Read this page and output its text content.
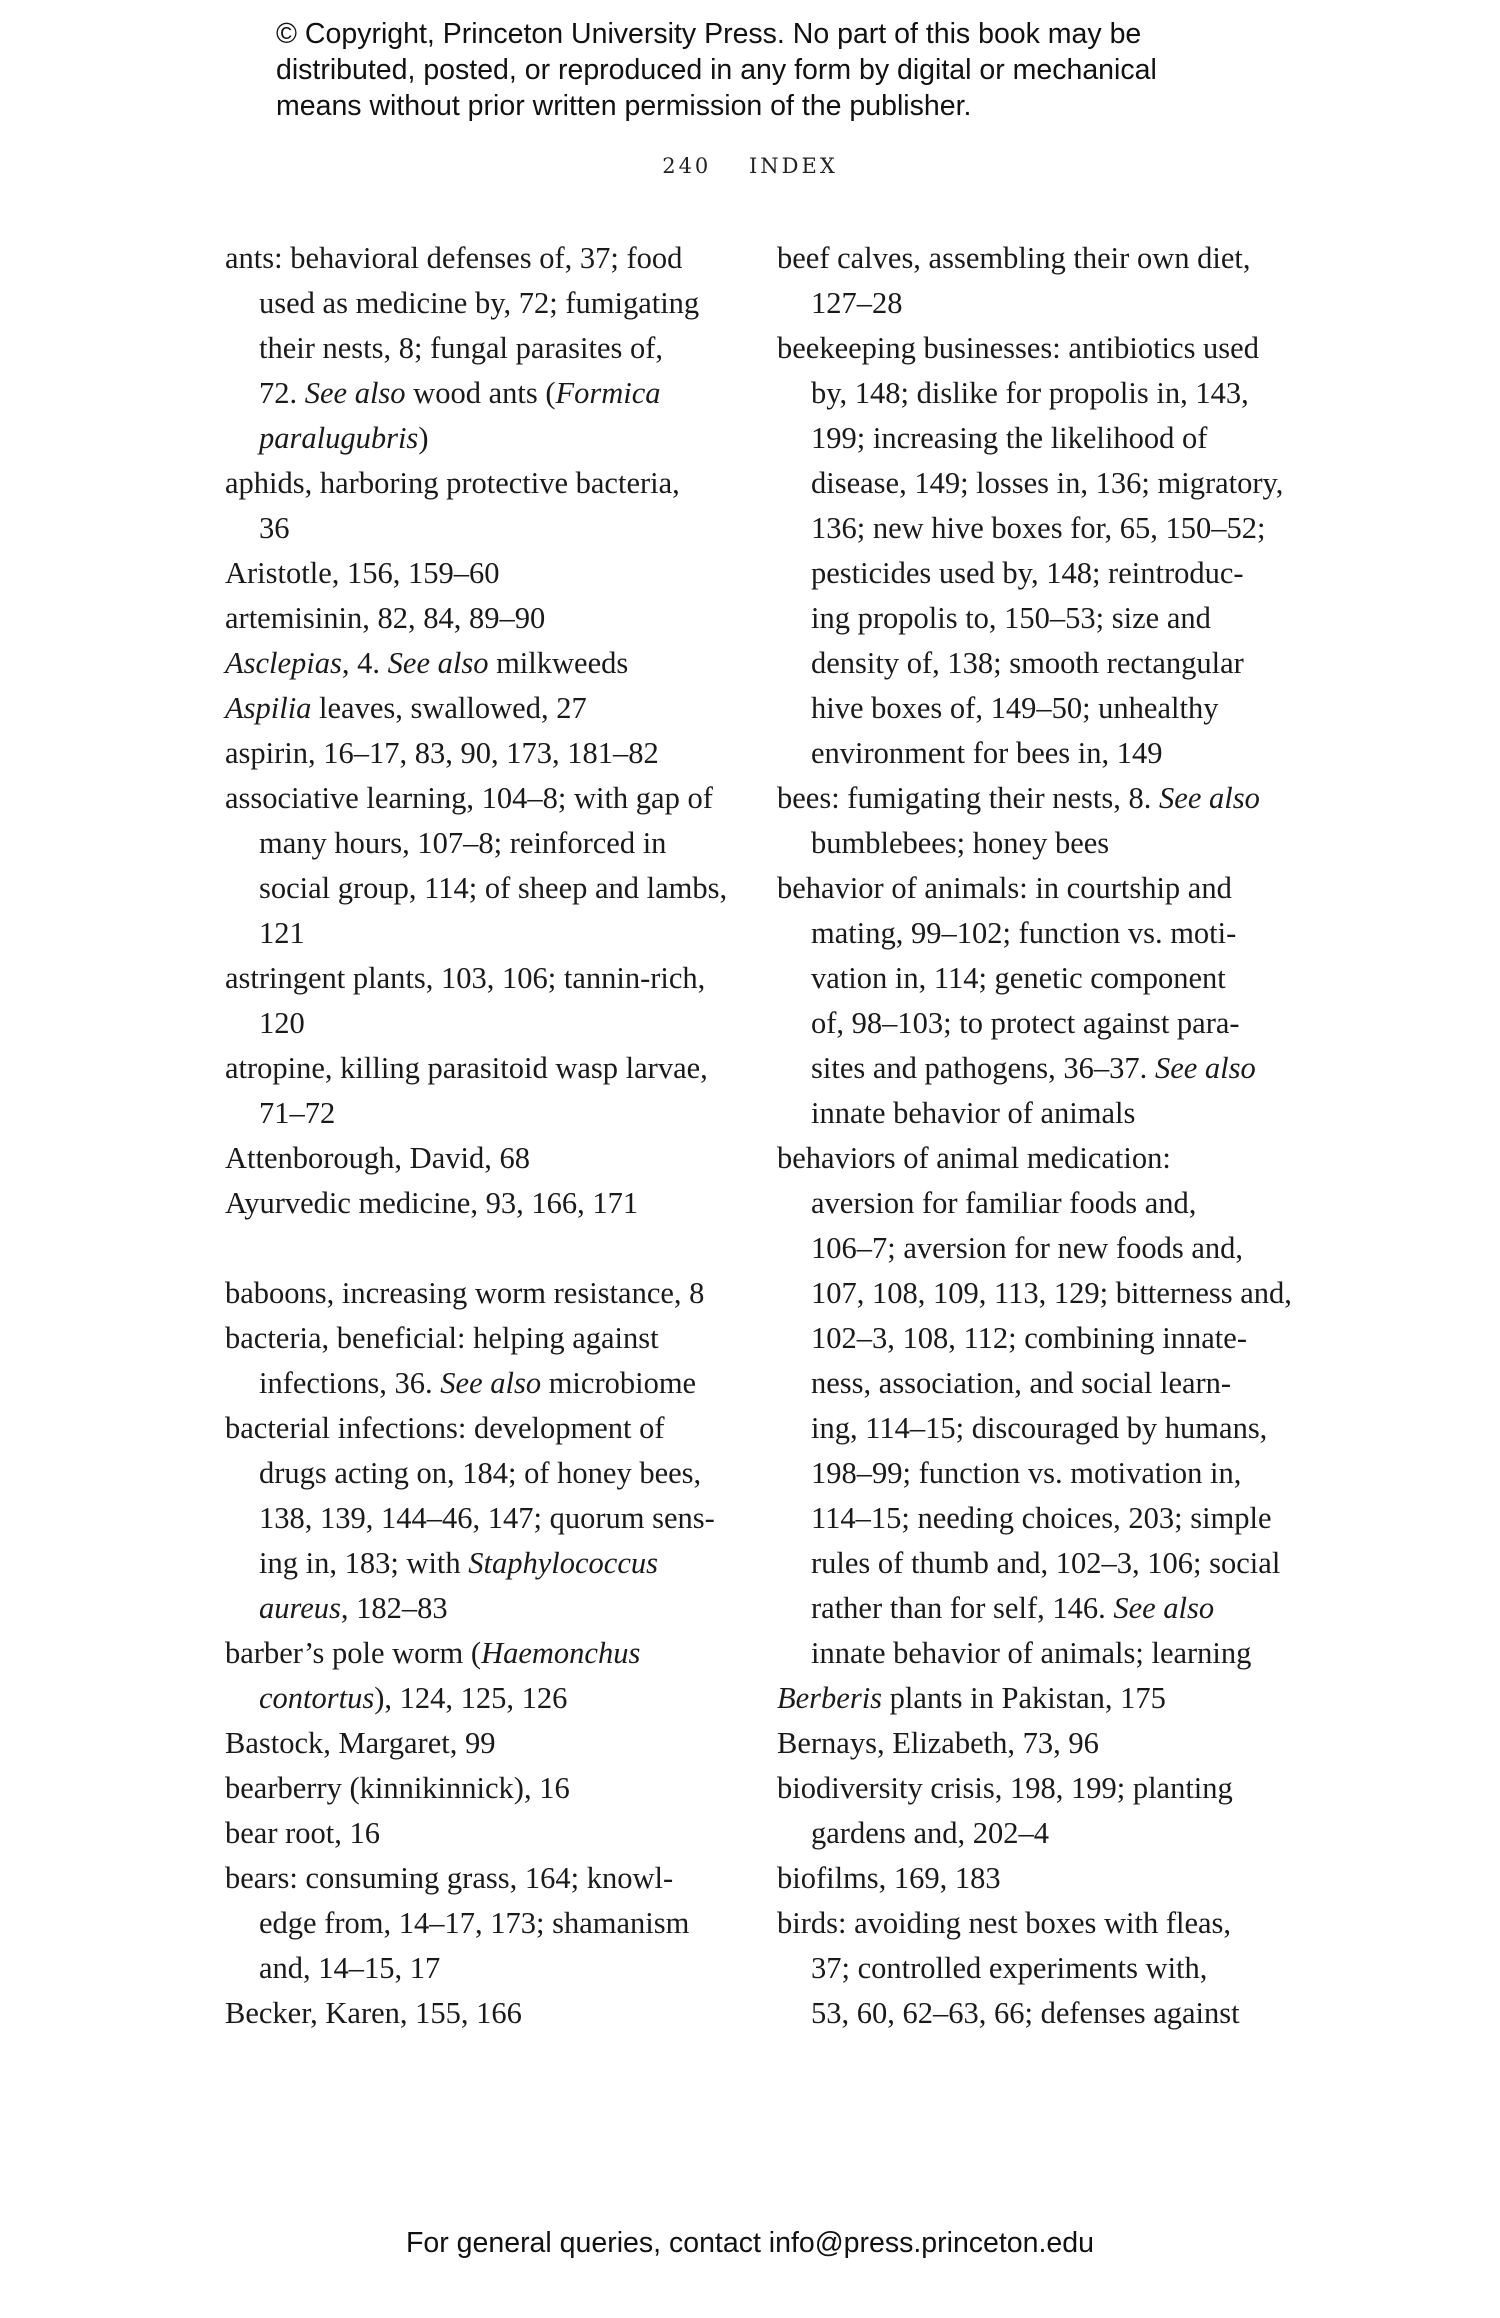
© Copyright, Princeton University Press. No part of this book may be
distributed, posted, or reproduced in any form by digital or mechanical
means without prior written permission of the publisher.
240 INDEX
ants: behavioral defenses of, 37; food
used as medicine by, 72; fumigating
their nests, 8; fungal parasites of,
72. See also wood ants (Formica
paralugubris)
aphids, harboring protective bacteria,
36
Aristotle, 156, 159–60
artemisinin, 82, 84, 89–90
Asclepias, 4. See also milkweeds
Aspilia leaves, swallowed, 27
aspirin, 16–17, 83, 90, 173, 181–82
associative learning, 104–8; with gap of
many hours, 107–8; reinforced in
social group, 114; of sheep and lambs,
121
astringent plants, 103, 106; tannin-rich,
120
atropine, killing parasitoid wasp larvae,
71–72
Attenborough, David, 68
Ayurvedic medicine, 93, 166, 171
baboons, increasing worm resistance, 8
bacteria, beneficial: helping against
infections, 36. See also microbiome
bacterial infections: development of
drugs acting on, 184; of honey bees,
138, 139, 144–46, 147; quorum sens-
ing in, 183; with Staphylococcus
aureus, 182–83
barber’s pole worm (Haemonchus
contortus), 124, 125, 126
Bastock, Margaret, 99
bearberry (kinnikinnick), 16
bear root, 16
bears: consuming grass, 164; knowl-
edge from, 14–17, 173; shamanism
and, 14–15, 17
Becker, Karen, 155, 166
beef calves, assembling their own diet,
127–28
beekeeping businesses: antibiotics used
by, 148; dislike for propolis in, 143,
199; increasing the likelihood of
disease, 149; losses in, 136; migratory,
136; new hive boxes for, 65, 150–52;
pesticides used by, 148; reintroduc-
ing propolis to, 150–53; size and
density of, 138; smooth rectangular
hive boxes of, 149–50; unhealthy
environment for bees in, 149
bees: fumigating their nests, 8. See also
bumblebees; honey bees
behavior of animals: in courtship and
mating, 99–102; function vs. moti-
vation in, 114; genetic component
of, 98–103; to protect against para-
sites and pathogens, 36–37. See also
innate behavior of animals
behaviors of animal medication:
aversion for familiar foods and,
106–7; aversion for new foods and,
107, 108, 109, 113, 129; bitterness and,
102–3, 108, 112; combining innate-
ness, association, and social learn-
ing, 114–15; discouraged by humans,
198–99; function vs. motivation in,
114–15; needing choices, 203; simple
rules of thumb and, 102–3, 106; social
rather than for self, 146. See also
innate behavior of animals; learning
Berberis plants in Pakistan, 175
Bernays, Elizabeth, 73, 96
biodiversity crisis, 198, 199; planting
gardens and, 202–4
biofilms, 169, 183
birds: avoiding nest boxes with fleas,
37; controlled experiments with,
53, 60, 62–63, 66; defenses against
For general queries, contact info@press.princeton.edu
